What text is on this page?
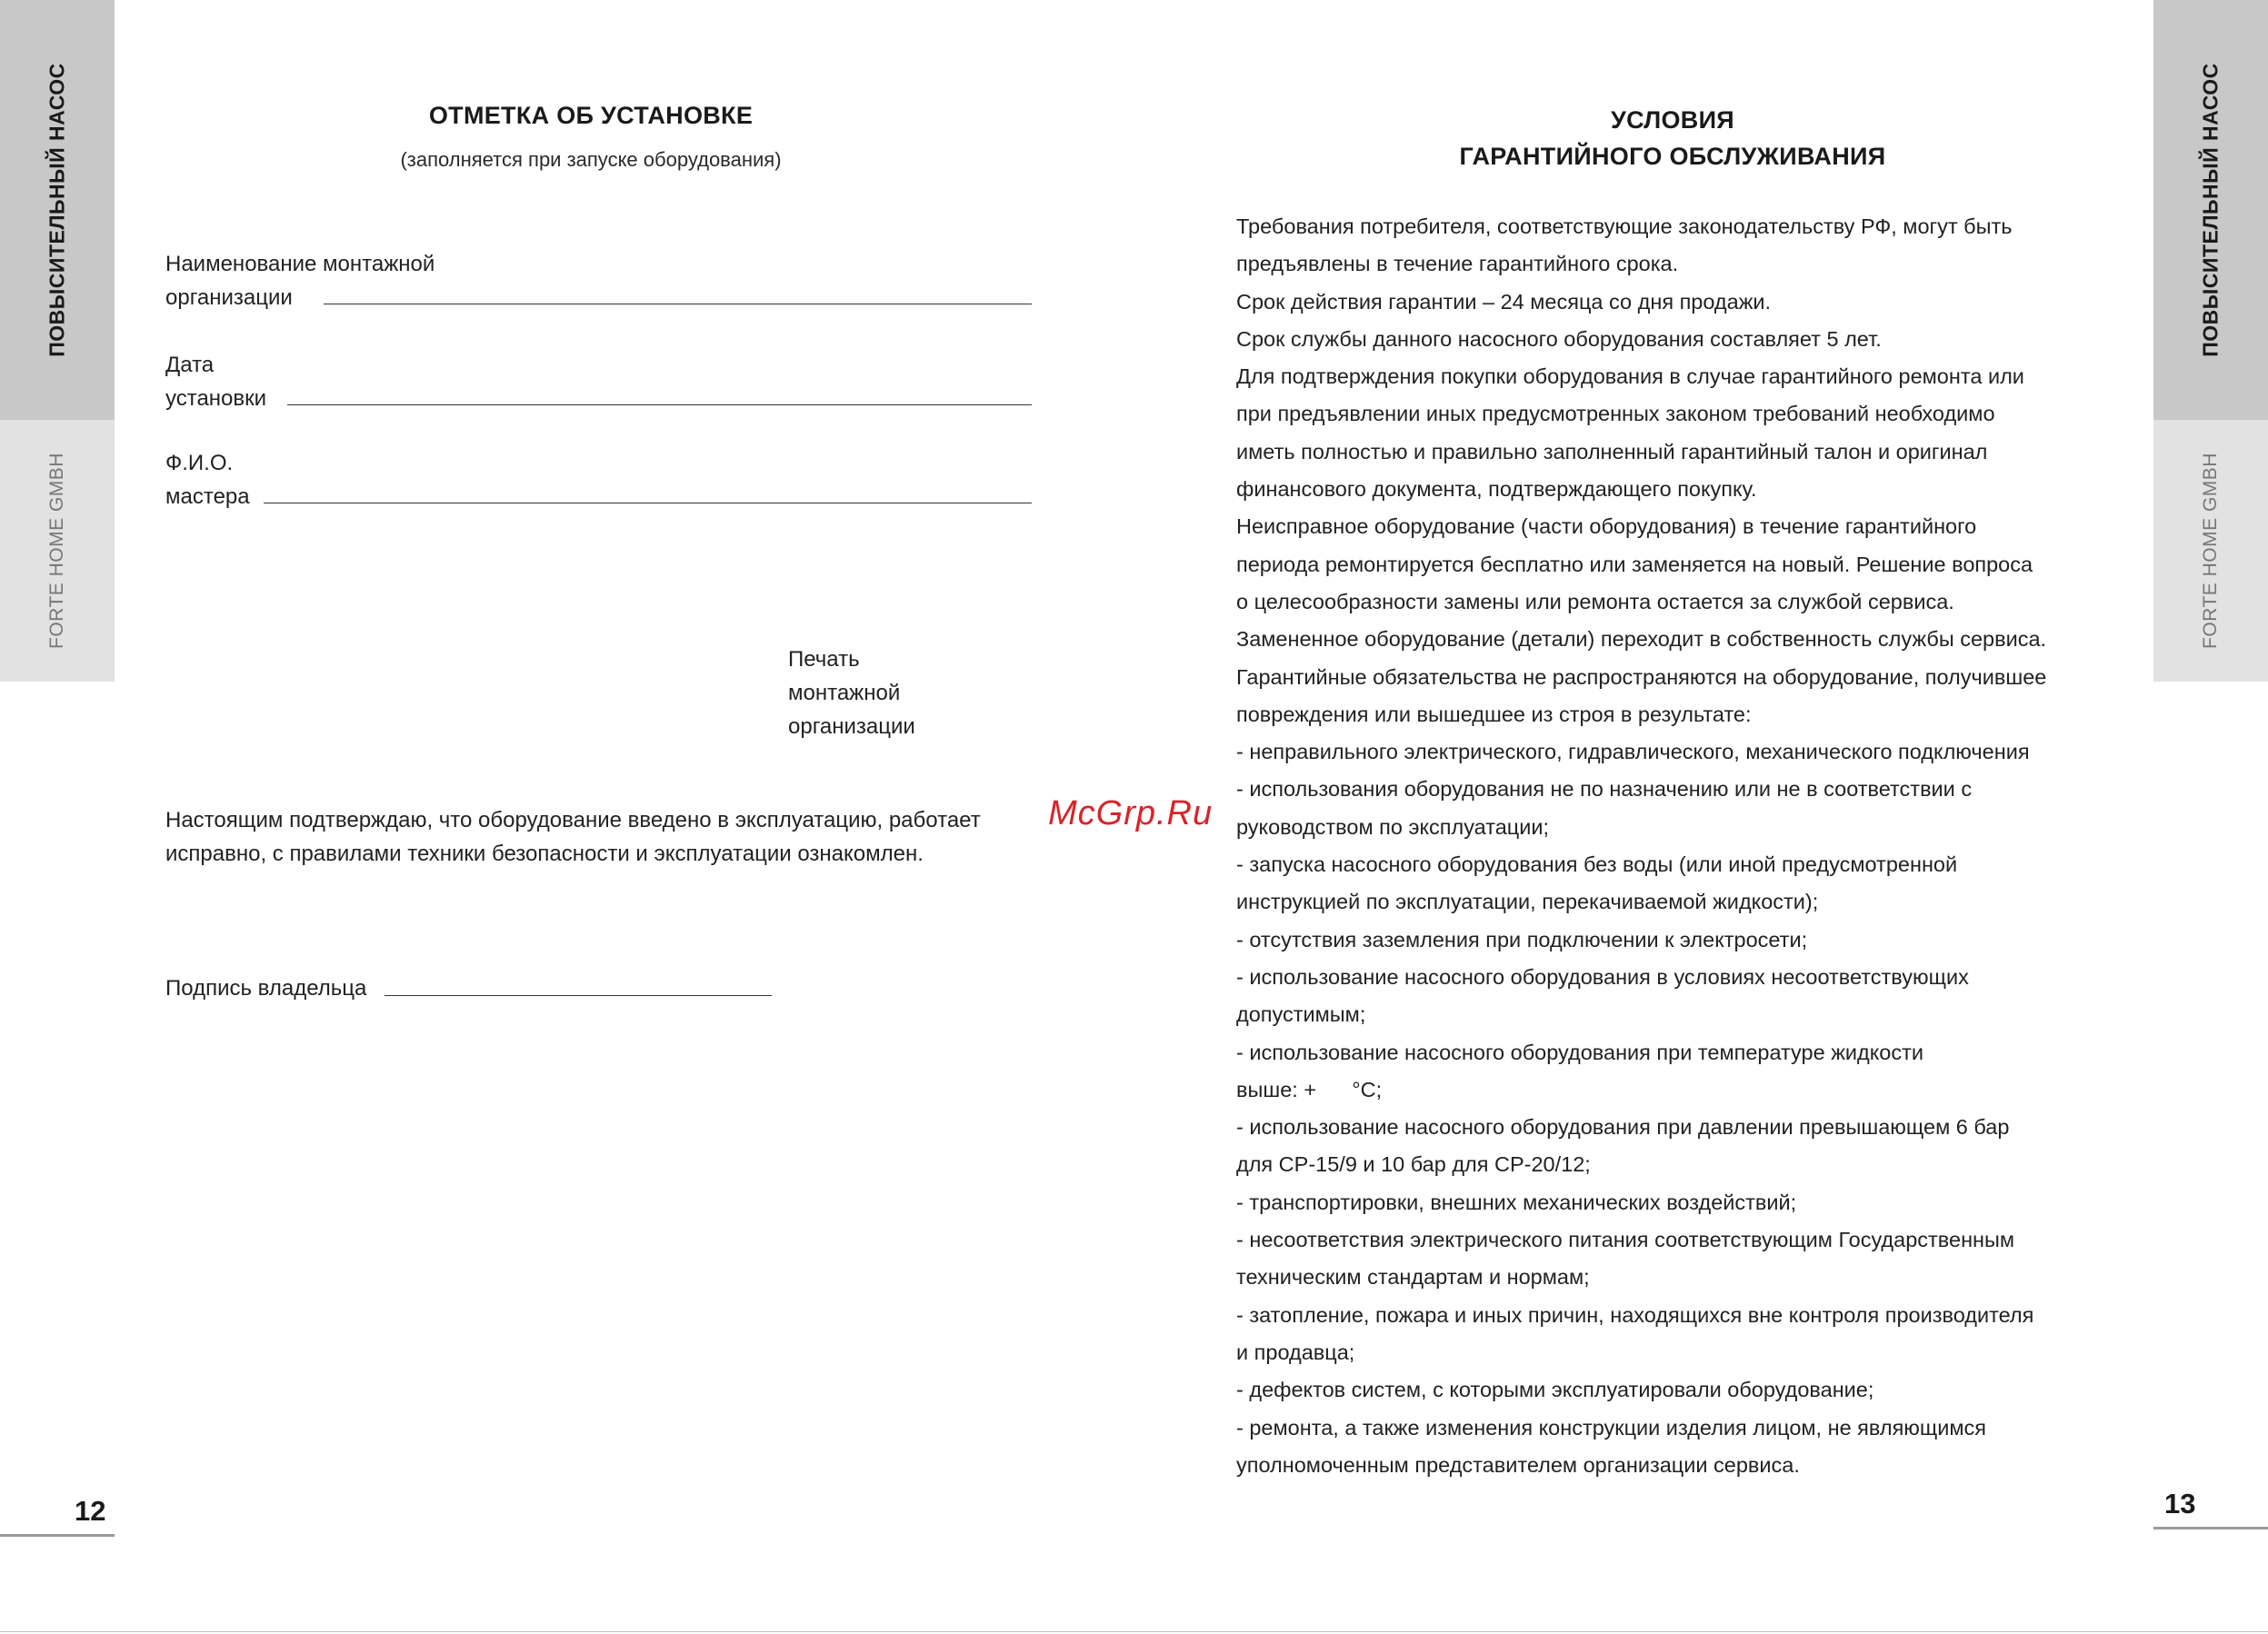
ПОВЫСИТЕЛЬНЫЙ НАСОС
FORTE HOME GMBH
ПОВЫСИТЕЛЬНЫЙ НАСОС
FORTE HOME GMBH
12	13
ОТМЕТКА ОБ УСТАНОВКЕ
(заполняется при запуске оборудования)
Наименование монтажной
организации
Дата
установки
Ф.И.О.
мастера
Печать
монтажной
организации
Настоящим подтверждаю, что оборудование введено в эксплуатацию, работает
исправно, с правилами техники безопасности и эксплуатации ознакомлен.
Подпись владельца
McGrp.Ru
УСЛОВИЯ
ГАРАНТИЙНОГО ОБСЛУЖИВАНИЯ
Требования потребителя, соответствующие законодательству РФ, могут быть
предъявлены в течение гарантийного срока.
Срок действия гарантии – 24 месяца со дня продажи.
Срок службы данного насосного оборудования составляет 5 лет.
Для подтверждения покупки оборудования в случае гарантийного ремонта или
при предъявлении иных предусмотренных законом требований необходимо
иметь полностью и правильно заполненный гарантийный талон и оригинал
финансового документа, подтверждающего покупку.
Неисправное оборудование (части оборудования) в течение гарантийного
периода ремонтируется бесплатно или заменяется на новый. Решение вопроса
о целесообразности замены или ремонта остается за службой сервиса.
Замененное оборудование (детали) переходит в собственность службы сервиса.
Гарантийные обязательства не распространяются на оборудование, получившее
повреждения или вышедшее из строя в результате:
- неправильного электрического, гидравлического, механического подключения
- использования оборудования не по назначению или не в соответствии с
руководством по эксплуатации;
- запуска насосного оборудования без воды (или иной предусмотренной
инструкцией по эксплуатации, перекачиваемой жидкости);
- отсутствия заземления при подключении к электросети;
- использование насосного оборудования в условиях несоответствующих
допустимым;
- использование насосного оборудования при температуре жидкости
выше: +      °С;
- использование насосного оборудования при давлении превышающем 6 бар
для CP-15/9 и 10 бар для CP-20/12;
- транспортировки, внешних механических воздействий;
- несоответствия электрического питания соответствующим Государственным
техническим стандартам и нормам;
- затопление, пожара и иных причин, находящихся вне контроля производителя
и продавца;
- дефектов систем, с которыми эксплуатировали оборудование;
- ремонта, а также изменения конструкции изделия лицом, не являющимся
уполномоченным представителем организации сервиса.
